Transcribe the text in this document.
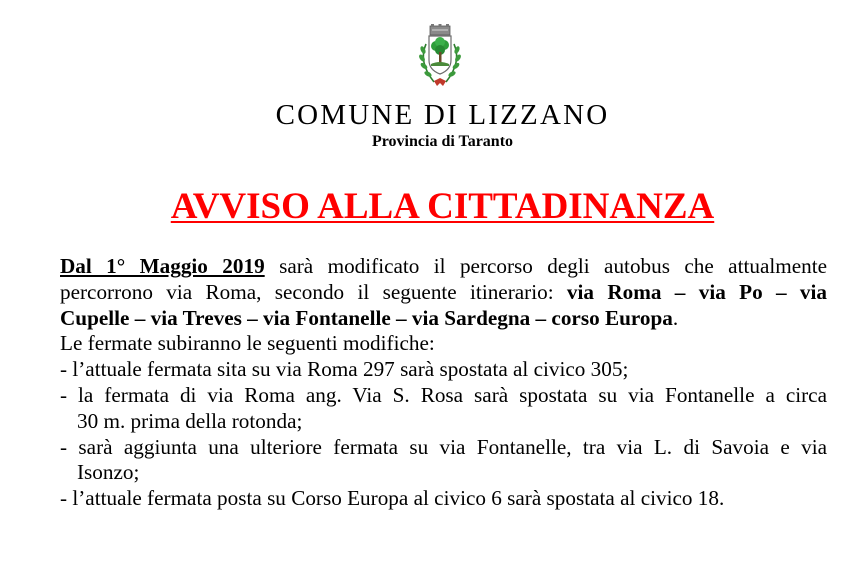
COMUNE DI LIZZANO
Provincia di Taranto
AVVISO ALLA CITTADINANZA
Dal 1° Maggio 2019 sarà modificato il percorso degli autobus che attualmente
percorrono via Roma, secondo il seguente itinerario: via Roma – via Po – via
Cupelle – via Treves – via Fontanelle – via Sardegna – corso Europa.
Le fermate subiranno le seguenti modifiche:
- l’attuale fermata sita su via Roma 297 sarà spostata al civico 305;
- la fermata di via Roma ang. Via S. Rosa sarà spostata su via Fontanelle a circa
30 m. prima della rotonda;
- sarà aggiunta una ulteriore fermata su via Fontanelle, tra via L. di Savoia e via
Isonzo;
- l’attuale fermata posta su Corso Europa al civico 6 sarà spostata al civico 18.
